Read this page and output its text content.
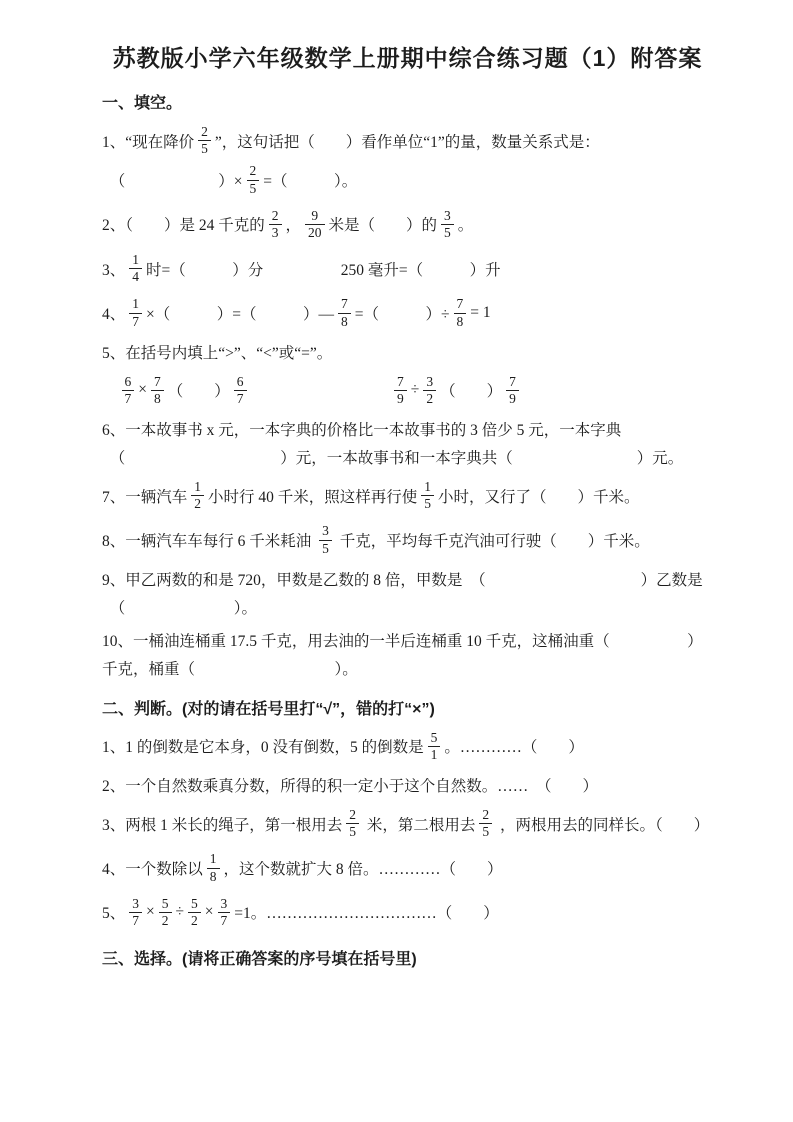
苏教版小学六年级数学上册期中综合练习题（1）附答案
一、填空。
1、“现在降价 $\frac{2}{5}$ ”，这句话把（　　）看作单位“1”的量，数量关系式是：
　（　　　　　　）× $\frac{2}{5}$ =（　　　）。
2、（　　）是 24 千克的 $\frac{2}{3}$ ， $\frac{9}{20}$ 米是（　　）的 $\frac{3}{5}$ 。
3、 $\frac{1}{4}$ 时=（　　　）分　　　　　250 毫升=（　　　）升
4、 $\frac{1}{7}$ ×（　　　）=（　　　）— $\frac{7}{8}$ =（　　　）÷ $\frac{7}{8} = 1$
5、在括号内填上“>”、“<”或“=”。

$\frac{6}{7} \times \frac{7}{8}$ （　　） $\frac{6}{7}$
　　　　　　　　　	$\frac{7}{9} \div \frac{3}{2}$ （　　） $\frac{7}{9}$
6、一本故事书 x 元，一本字典的价格比一本故事书的 3 倍少 5 元，一本字典
　（　　　　　　　　　　）元，一本故事书和一本字典共（　　　　　　　　）元。
7、一辆汽车 $\frac{1}{2}$ 小时行 40 千米，照这样再行使 $\frac{1}{5}$ 小时，又行了（　　）千米。
8、一辆汽车车每行 6 千米耗油 $\frac{3}{5}$ 千克，平均每千克汽油可行驶（　　）千米。
9、甲乙两数的和是 720，甲数是乙数的 8 倍，甲数是　（　　　　　　　　　　）乙数是
　（　　　　　　　）。
10、一桶油连桶重 17.5 千克，用去油的一半后连桶重 10 千克，这桶油重（　　　　　）
千克，桶重（　　　　　　　　　）。
二、判断。(对的请在括号里打“√”，错的打“×”)
1、1 的倒数是它本身，0 没有倒数，5 的倒数是 $\frac{5}{1}$ 。…………（　　）
2、一个自然数乘真分数，所得的积一定小于这个自然数。……　（　　）
3、两根 1 米长的绳子，第一根用去 $\frac{2}{5}$ 米，第二根用去 $\frac{2}{5}$ ，两根用去的同样长。（　　）
4、一个数除以 $\frac{1}{8}$ ，这个数就扩大 8 倍。…………（　　）
5、 $\frac{3}{7} \times \frac{5}{2} \div \frac{5}{2} \times \frac{3}{7} =1$。……………………………（　　）
三、选择。(请将正确答案的序号填在括号里)
